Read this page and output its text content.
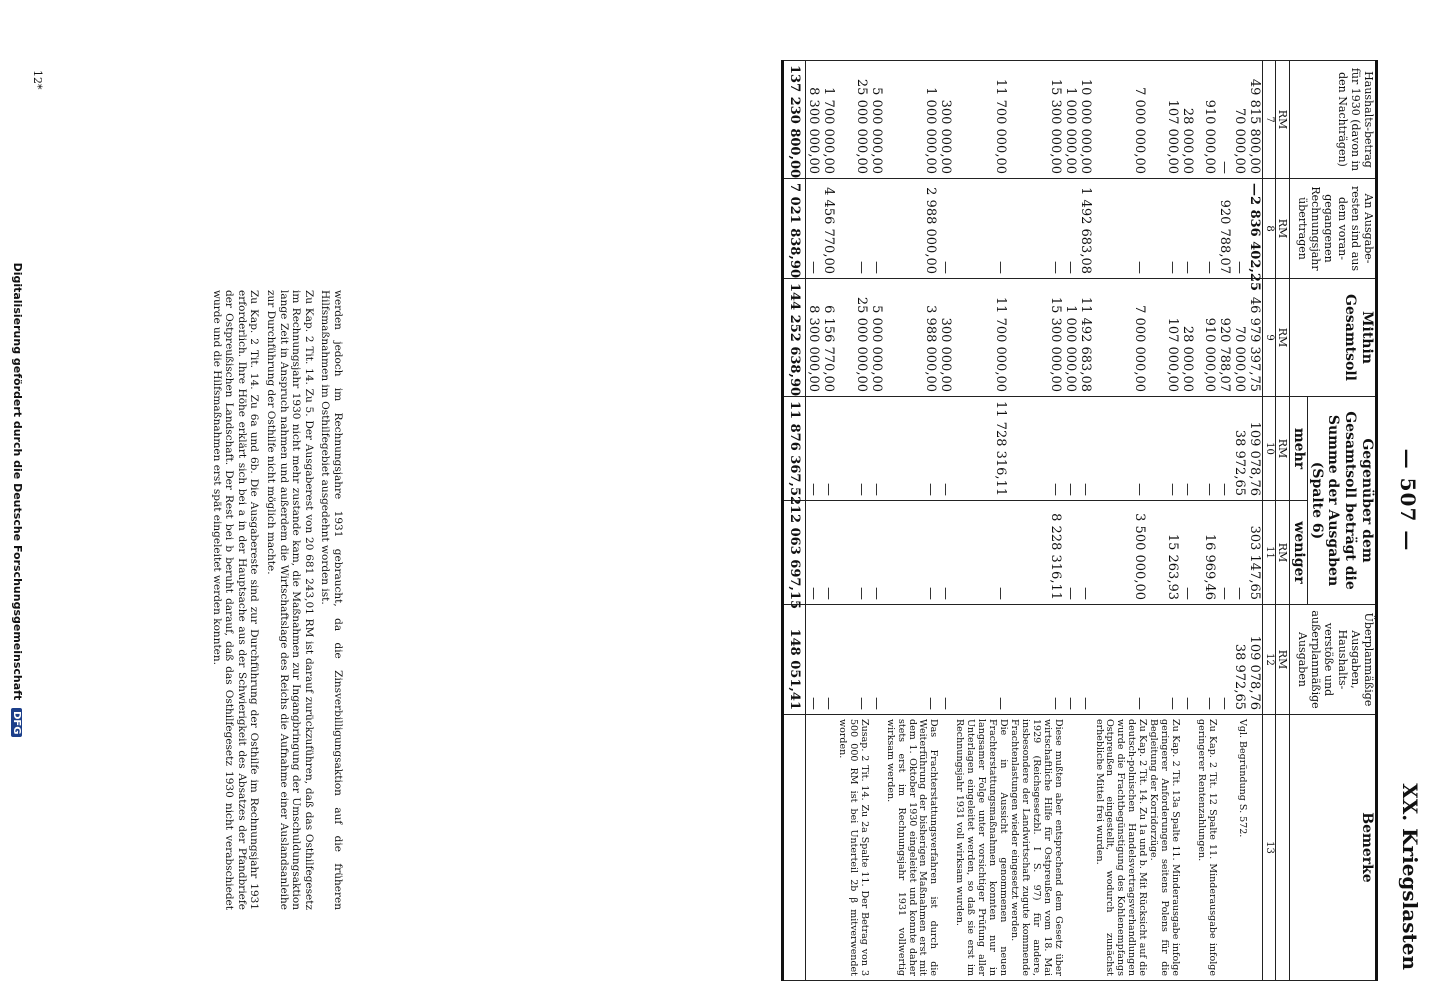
— 507 —
XX. Kriegslasten
Haushalts-betrag für 1930 (davon in den Nachträgen)	An Ausgabe-resten sind aus dem voran-gegangenen Rechnungsjahr übertragen	Mithin Gesamtsoll	Gegenüber dem Gesamtsoll beträgt die Summe der Ausgaben (Spalte 6)		Überplanmäßige Ausgaben, Haushalts-verstöße und außerplanmäßige Ausgaben	Bemerke
			mehr	weniger		
RM	RM	RM	RM	RM	RM	
7	8	9	10	11	12	13
49 815 800,00	—2 836 402,25	46 979 397,75	109 078,76	303 147,65	109 078,76	
70 000,00	—	70 000,00	38 972,65	—	38 972,65	Vgl. Begründung S. 572.
—	920 788,07	920 788,07	—	—	—	
910 000,00	—	910 000,00	—	16 969,46	—	Zu Kap. 2 Tit. 12 Spalte 11. Minderausgabe infolge geringerer Rentenzahlungen.
28 000,00	—	28 000,00	—	—	—	
107 000,00	—	107 000,00	—	15 263,93	—	Zu Kap. 2 Tit. 13a Spalte 11. Minderausgabe infolge geringerer Anforderungen seitens Polens für die Begleitung der Korridorzüge.
7 000 000,00	—	7 000 000,00	—	3 500 000,00	—	Zu Kap. 2 Tit. 14. Zu 1a und b. Mit Rücksicht auf die deutsch-polnischen Handelsvertragsverhandlungen wurde die Frachtbegünstigung des Kohlenempfangs Ostpreußen eingestellt, wodurch zunächst erhebliche Mittel frei wurden.
10 000 000,00	1 492 683,08	11 492 683,08	—	—	—	
1 000 000,00	—	1 000 000,00	—	—	—	
15 300 000,00	—	15 300 000,00	—	8 228 316,11	—	Diese mußten aber entsprechend dem Gesetz über wirtschaftliche Hilfe für Ostpreußen vom 18. Mai 1929 (Reichsgesetzbl. I S. 97) für andere, insbesondere der Landwirtschaft zugute kommende Frachtenlastungen wieder eingesetzt werden.
11 700 000,00	—	11 700 000,00	11 728 316,11	—	—	Die in Aussicht genommenen neuen Frachterstattungsmaßnahmen konnten nur in langsamer Folge unter vorsichtiger Prüfung aller Unterlagen eingeleitet werden, so daß sie erst im Rechnungsjahr 1931 voll wirksam wurden.
300 000,00	—	300 000,00	—	—	—	
1 000 000,00	2 988 000,00	3 988 000,00	—	—	—	Das Frachterstattungsverfahren ist durch die Weiterführung der bisherigen Maßnahmen erst mit dem 1. Oktober 1930 eingeleitet und konnte daher stets erst im Rechnungsjahr 1931 vollwertig wirksam werden.
5 000 000,00	—	5 000 000,00	—	—	—	
25 000 000,00	—	25 000 000,00	—	—	—	Zusap. 2 Tit. 14. Zu 2a Spalte 11. Der Betrag von 3 500 000 RM ist bei Unterteil 2b β mitverwendet worden.
1 700 000,00	4 456 770,00	6 156 770,00	—	—	—	
8 300 000,00	—	8 300 000,00	—	—	—	
137 230 800,00	7 021 838,90	144 252 638,90	11 876 367,52	12 063 697,15	148 051,41	

werden jedoch im Rechnungsjahre 1931 gebraucht, da die Zinsverbilligungsaktion auf die früheren Hilfsmaßnahmen im Osthilfegebiet ausgedehnt worden ist.

Zu Kap. 2 Tit. 14. Zu 5. Der Ausgaberest von 20 681 243,01 RM ist darauf zurückzuführen, daß das Osthilfegesetz im Rechnungsjahr 1930 nicht mehr zustande kam, die Maßnahmen zur Ingangbringung der Umschuldungsaktion lange Zeit in Anspruch nahmen und außerdem die Wirtschaftslage des Reichs die Aufnahme einer Auslandsanleihe zur Durchführung der Osthilfe nicht möglich machte.

Zu Kap. 2 Tit. 14. Zu 6a und 6b. Die Ausgabereste sind zur Durchführung der Osthilfe im Rechnungsjahr 1931 erforderlich. Ihre Höhe erklärt sich bei a in der Hauptsache aus der Schwierigkeit des Absatzes der Pfandbriefe der Ostpreußischen Landschaft. Der Rest bei b beruht darauf, daß das Osthilfegesetz 1930 nicht verabschiedet wurde und die Hilfsmaßnahmen erst spät eingeleitet werden konnten.

12*
Digitalisierung gefördert durch die Deutsche Forschungsgemeinschaft DFG
